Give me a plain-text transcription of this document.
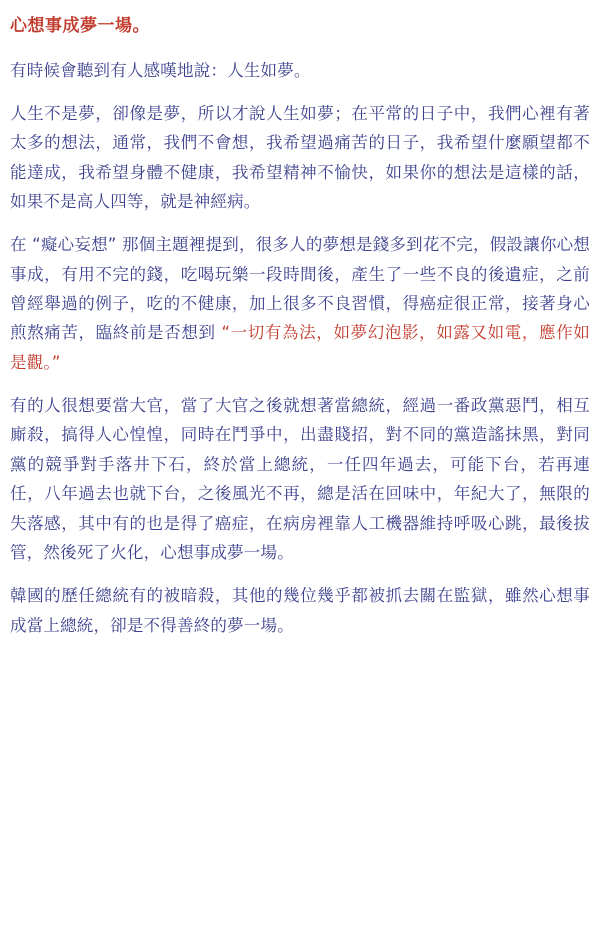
心想事成夢一場。

有時候會聽到有人感嘆地說：人生如夢。

人生不是夢，卻像是夢，所以才說人生如夢；在平常的日子中，我們心裡有著太多的想法，通常，我們不會想，我希望過痛苦的日子，我希望什麼願望都不能達成，我希望身體不健康，我希望精神不愉快，如果你的想法是這樣的話，如果不是高人四等，就是神經病。

在 “癡心妄想” 那個主題裡提到，很多人的夢想是錢多到花不完，假設讓你心想事成，有用不完的錢，吃喝玩樂一段時間後，產生了一些不良的後遺症，之前曾經舉過的例子，吃的不健康，加上很多不良習慣，得癌症很正常，接著身心煎熬痛苦，臨終前是否想到 “一切有為法，如夢幻泡影，如露又如電，應作如是觀。”

有的人很想要當大官，當了大官之後就想著當總統，經過一番政黨惡鬥，相互廝殺，搞得人心惶惶，同時在鬥爭中，出盡賤招，對不同的黨造謠抹黑，對同黨的競爭對手落井下石，終於當上總統，一任四年過去，可能下台，若再連任，八年過去也就下台，之後風光不再，總是活在回味中，年紀大了，無限的失落感，其中有的也是得了癌症，在病房裡靠人工機器維持呼吸心跳，最後拔管，然後死了火化，心想事成夢一場。

韓國的歷任總統有的被暗殺，其他的幾位幾乎都被抓去關在監獄，雖然心想事成當上總統，卻是不得善終的夢一場。
